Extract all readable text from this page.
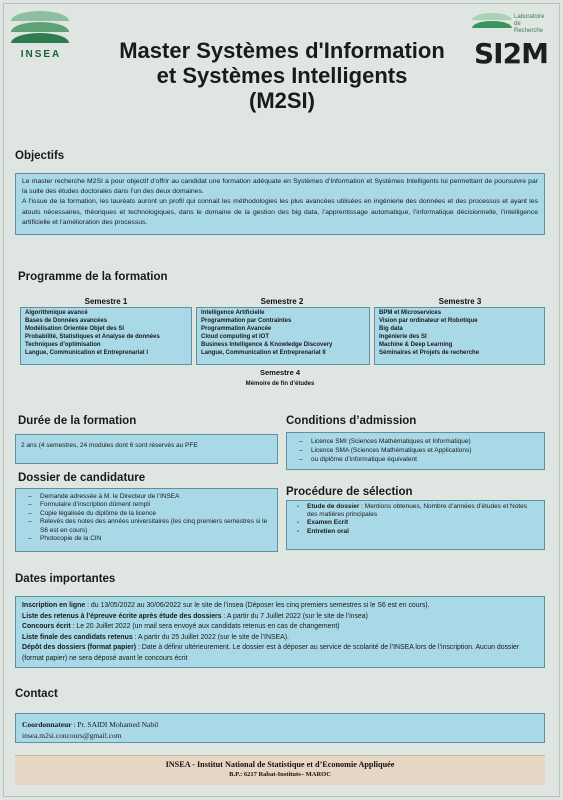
INSEA
Laboratoire de Recherche
SI2M
Master Systèmes d'Information
et Systèmes Intelligents
(M2SI)
Objectifs

Le master recherche M2SI a pour objectif d’offrir au candidat une formation adéquate en Systèmes d’Information et Systèmes Intelligents lui permettant de poursuivre par la suite des études doctorales dans l’un des deux domaines.

A l’issue de la formation, les lauréats auront un profil qui connait les méthodologies les plus avancées utilisées en ingénierie des données et des processus et ayant les atouts nécessaires, théoriques et technologiques, dans le domaine de la gestion des big data, l’apprentissage automatique, l’informatique décisionnelle, l’intelligence artificielle et l’amélioration des processus.

Programme de la formation
Semestre 1	Semestre 2	Semestre 3
Algorithmique avancé
Bases de Données avancées
Modélisation Orientée Objet des SI
Probabilité, Statistiques et Analyse de données
Techniques d’optimisation
Langue, Communication et Entreprenariat I
Intelligence Artificielle
Programmation par Contraintes
Programmation Avancée
Cloud computing et IOT
Business Intelligence & Knowledge Discovery
Langue, Communication et Entreprenariat II
BPM et Microservices
Vision par ordinateur et Robotique
Big data
Ingénierie des SI
Machine & Deep Learning
Séminaires et Projets de recherche
Semestre 4
Mémoire de fin d’études
Durée de la formation
2 ans (4 semestres, 24 modules dont 6 sont réservés au PFE
Conditions d’admission
– Licence SMI (Sciences Mathématiques et Informatique)
– Licence SMA (Sciences Mathématiques et Applications)
– ou diplôme d’informatique équivalent
Dossier de candidature
– Demande adressée à M. le Directeur de l’INSEA
– Formulaire d’inscription dûment rempli
– Copie légalisée du diplôme de la licence
– Relevés des notes des années universitaires (les cinq premiers semestres si le S6 est en cours)
– Photocopie de la CIN
Procédure de sélection
- Etude de dossier : Mentions obtenues, Nombre d’années d’études et Notes des matières principales
- Examen Ecrit
- Entretien oral
Dates importantes
Inscription en ligne : du 13/05/2022 au 30/06/2022 sur le site de l’insea (Déposer les cinq premiers semestres si le S6 est en cours).
Liste des retenus à l’épreuve écrite après étude des dossiers : A partir du 7 Juillet 2022 (sur le site de l’insea)
Concours écrit : Le 20 Juillet 2022 (un mail sera envoyé aux candidats retenus en cas de changement)
Liste finale des candidats retenus : A partir du 25 Juillet 2022 (sur le site de l’INSEA).
Dépôt des dossiers (format papier) : Date à définir ultérieurement. Le dossier est à déposer au service de scolarité de l’INSEA lors de l’inscription. Aucun dossier (format papier) ne sera déposé avant le concours écrit
Contact
Coordonnateur : Pr. SAIDI Mohamed Nabil
insea.m2si.concours@gmail.com
INSEA - Institut National de Statistique et d’Economie Appliquée
B.P.: 6217 Rabat-Instituts– MAROC
